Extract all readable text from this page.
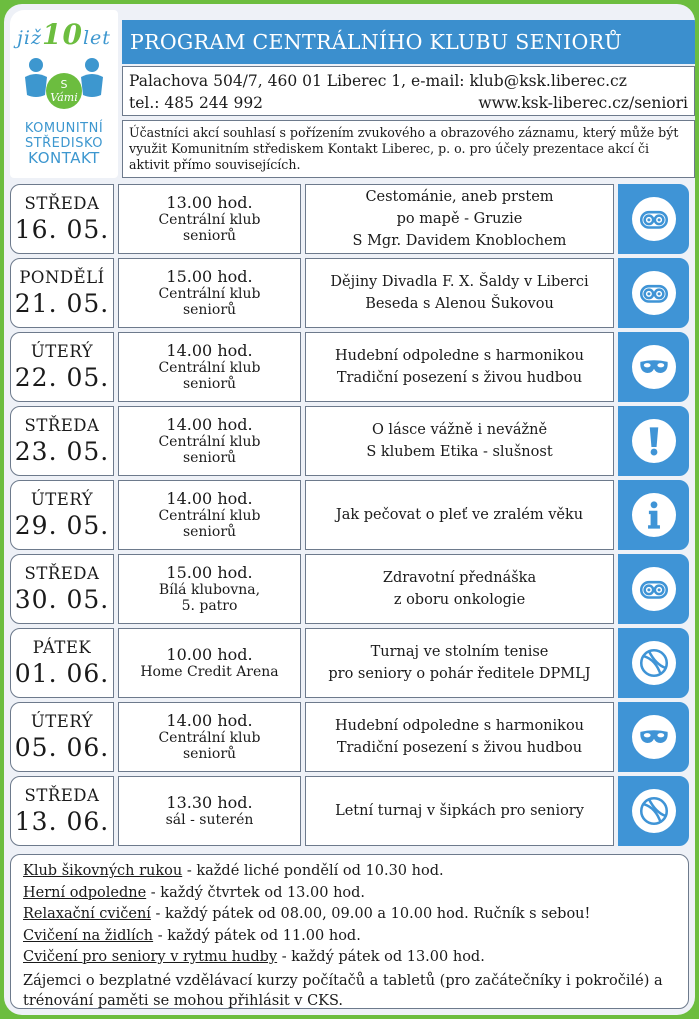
již10let
S
Vámi
KOMUNITNÍ
STŘEDISKO
KONTAKT
PROGRAM CENTRÁLNÍHO KLUBU SENIORŮ
Palachova 504/7, 460 01 Liberec 1, e-mail: klub@ksk.liberec.cz
tel.: 485 244 992	www.ksk-liberec.cz/seniori
Účastníci akcí souhlasí s pořízením zvukového a obrazového záznamu, který může být využit Komunitním střediskem Kontakt Liberec, p. o. pro účely prezentace akcí či aktivit přímo souvisejících.
STŘEDA
16. 05.
13.00 hod.
Centrální klub
seniorů
Cestománie, aneb prstem
po mapě - Gruzie
S Mgr. Davidem Knoblochem
PONDĚLÍ
21. 05.
15.00 hod.
Centrální klub
seniorů
Dějiny Divadla F. X. Šaldy v Liberci
Beseda s Alenou Šukovou
ÚTERÝ
22. 05.
14.00 hod.
Centrální klub
seniorů
Hudební odpoledne s harmonikou
Tradiční posezení s živou hudbou
STŘEDA
23. 05.
14.00 hod.
Centrální klub
seniorů
O lásce vážně i nevážně
S klubem Etika - slušnost
ÚTERÝ
29. 05.
14.00 hod.
Centrální klub
seniorů
Jak pečovat o pleť ve zralém věku
STŘEDA
30. 05.
15.00 hod.
Bílá klubovna,
5. patro
Zdravotní přednáška
z oboru onkologie
PÁTEK
01. 06.
10.00 hod.
Home Credit Arena
Turnaj ve stolním tenise
pro seniory o pohár ředitele DPMLJ
ÚTERÝ
05. 06.
14.00 hod.
Centrální klub
seniorů
Hudební odpoledne s harmonikou
Tradiční posezení s živou hudbou
STŘEDA
13. 06.
13.30 hod.
sál - suterén
Letní turnaj v šipkách pro seniory

Klub šikovných rukou - každé liché pondělí od 10.30 hod.

Herní odpoledne - každý čtvrtek od 13.00 hod.

Relaxační cvičení - každý pátek od 08.00, 09.00 a 10.00 hod. Ručník s sebou!

Cvičení na židlích - každý pátek od 11.00 hod.

Cvičení pro seniory v rytmu hudby - každý pátek od 13.00 hod.

Zájemci o bezplatné vzdělávací kurzy počítačů a tabletů (pro začátečníky i pokročilé) a trénování paměti se mohou přihlásit v CKS.
